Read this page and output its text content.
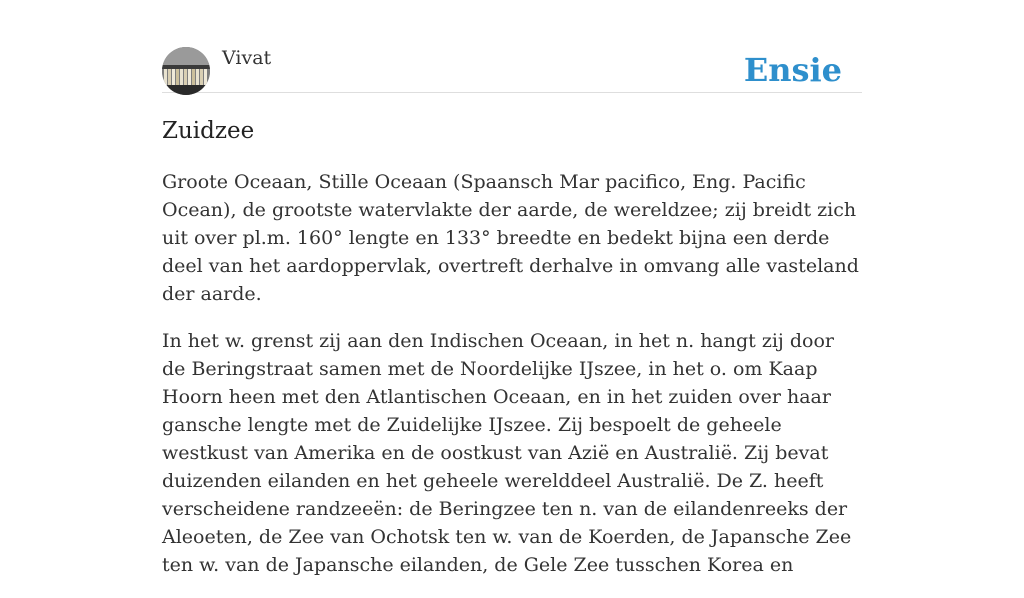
Vivat	Ensie
Zuidzee

Groote Oceaan, Stille Oceaan (Spaansch Mar pacifico, Eng. Pacific Ocean), de grootste watervlakte der aarde, de wereldzee; zij breidt zich uit over pl.m. 160° lengte en 133° breedte en bedekt bijna een derde deel van het aardoppervlak, overtreft derhalve in omvang alle vasteland der aarde.

In het w. grenst zij aan den Indischen Oceaan, in het n. hangt zij door de Beringstraat samen met de Noordelijke IJszee, in het o. om Kaap Hoorn heen met den Atlantischen Oceaan, en in het zuiden over haar gansche lengte met de Zuidelijke IJszee. Zij bespoelt de geheele westkust van Amerika en de oostkust van Azië en Australië. Zij bevat duizenden eilanden en het geheele werelddeel Australië. De Z. heeft verscheidene randzeeën: de Beringzee ten n. van de eilandenreeks der Aleoeten, de Zee van Ochotsk ten w. van de Koerden, de Japansche Zee ten w. van de Japansche eilanden, de Gele Zee tusschen Korea en
